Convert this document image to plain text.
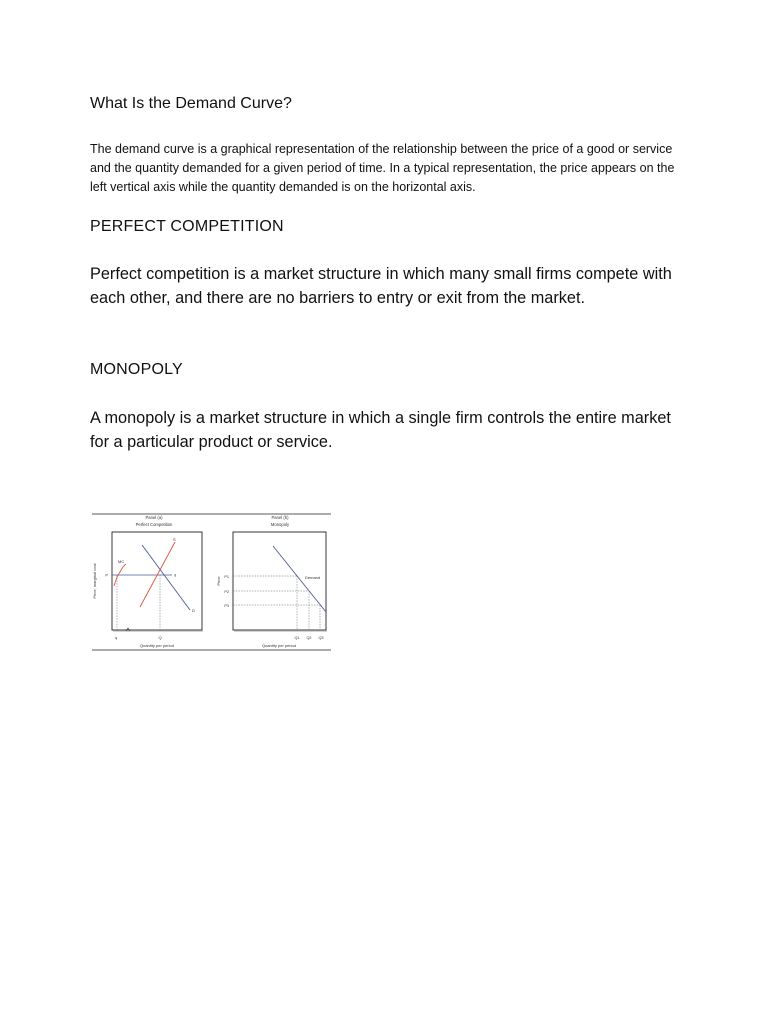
What Is the Demand Curve?

The demand curve is a graphical representation of the relationship between the price of a good or service and the quantity demanded for a given period of time. In a typical representation, the price appears on the left vertical axis while the quantity demanded is on the horizontal axis.

PERFECT COMPETITION

Perfect competition is a market structure in which many small firms compete with each other, and there are no barriers to entry or exit from the market.

MONOPOLY

A monopoly is a market structure in which a single firm controls the entire market for a particular product or service.

Panel (a)
Perfect Competition
Price, marginal cost P	d
MC
S
D
q	Q
Quantity per period
Panel (b)
Monopoly
Price	Demand
P1
P2
P3
Q1 Q2 Q3
Quantity per period
